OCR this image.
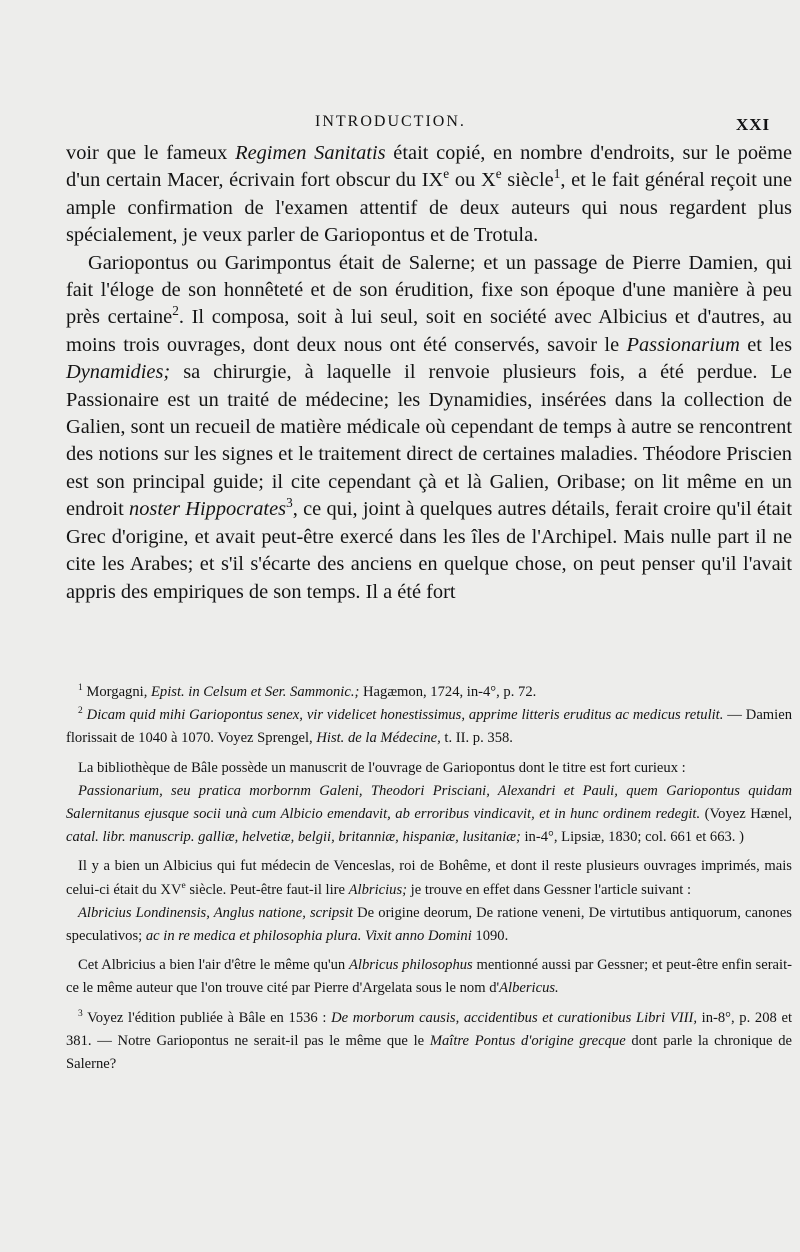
INTRODUCTION.	XXI

voir que le fameux Regimen Sanitatis était copié, en nombre d'endroits, sur le poëme d'un certain Macer, écrivain fort obscur du IXe ou Xe siècle$^1$, et le fait général reçoit une ample confirmation de l'examen attentif de deux auteurs qui nous regardent plus spécialement, je veux parler de Gariopontus et de Trotula.

Gariopontus ou Garimpontus était de Salerne; et un passage de Pierre Damien, qui fait l'éloge de son honnêteté et de son érudition, fixe son époque d'une manière à peu près certaine$^2$. Il composa, soit à lui seul, soit en société avec Albicius et d'autres, au moins trois ouvrages, dont deux nous ont été conservés, savoir le Passionarium et les Dynamidies; sa chirurgie, à laquelle il renvoie plusieurs fois, a été perdue. Le Passionaire est un traité de médecine; les Dynamidies, insérées dans la collection de Galien, sont un recueil de matière médicale où cependant de temps à autre se rencontrent des notions sur les signes et le traitement direct de certaines maladies. Théodore Priscien est son principal guide; il cite cependant çà et là Galien, Oribase; on lit même en un endroit noster Hippocrates$^3$, ce qui, joint à quelques autres détails, ferait croire qu'il était Grec d'origine, et avait peut-être exercé dans les îles de l'Archipel. Mais nulle part il ne cite les Arabes; et s'il s'écarte des anciens en quelque chose, on peut penser qu'il l'avait appris des empiriques de son temps. Il a été fort

$^1$ Morgagni, Epist. in Celsum et Ser. Sammonic.; Hagæmon, 1724, in-4°, p. 72.

$^2$ Dicam quid mihi Gariopontus senex, vir videlicet honestissimus, apprime litteris eruditus ac medicus retulit. — Damien florissait de 1040 à 1070. Voyez Sprengel, Hist. de la Médecine, t. II. p. 358.

La bibliothèque de Bâle possède un manuscrit de l'ouvrage de Gariopontus dont le titre est fort curieux :

Passionarium, seu pratica morbornm Galeni, Theodori Prisciani, Alexandri et Pauli, quem Gariopontus quidam Salernitanus ejusque socii unà cum Albicio emendavit, ab erroribus vindicavit, et in hunc ordinem redegit. (Voyez Hænel, catal. libr. manuscrip. galliæ, helvetiæ, belgii, britanniæ, hispaniæ, lusitaniæ; in-4°, Lipsiæ, 1830; col. 661 et 663. )

Il y a bien un Albicius qui fut médecin de Venceslas, roi de Bohême, et dont il reste plusieurs ouvrages imprimés, mais celui-ci était du XVe siècle. Peut-être faut-il lire Albricius; je trouve en effet dans Gessner l'article suivant :

Albricius Londinensis, Anglus natione, scripsit De origine deorum, De ratione veneni, De virtutibus antiquorum, canones speculativos; ac in re medica et philosophia plura. Vixit anno Domini 1090.

Cet Albricius a bien l'air d'être le même qu'un Albricus philosophus mentionné aussi par Gessner; et peut-être enfin serait-ce le même auteur que l'on trouve cité par Pierre d'Argelata sous le nom d'Albericus.

$^3$ Voyez l'édition publiée à Bâle en 1536 : De morborum causis, accidentibus et curationibus Libri VIII, in-8°, p. 208 et 381. — Notre Gariopontus ne serait-il pas le même que le Maître Pontus d'origine grecque dont parle la chronique de Salerne?
